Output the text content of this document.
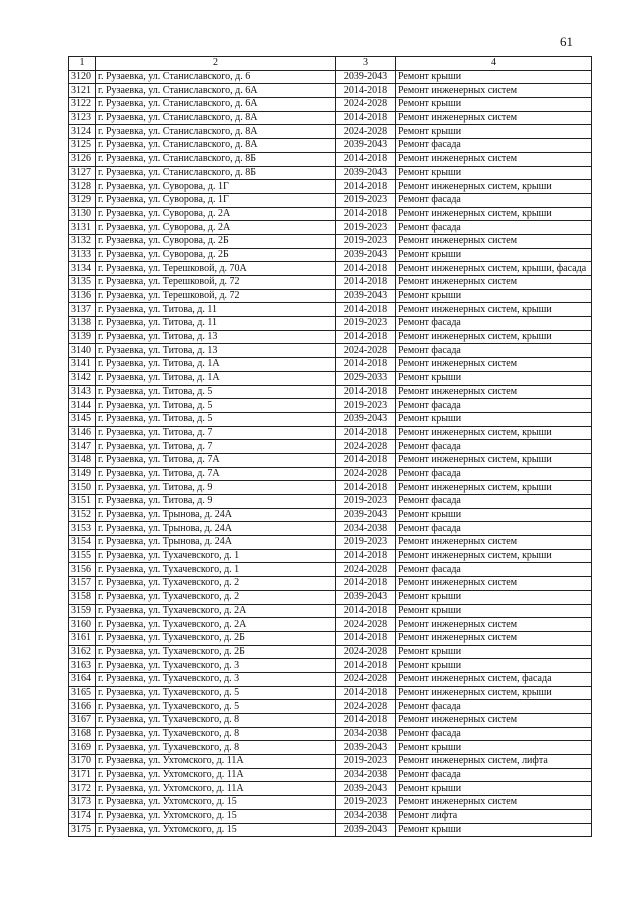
61
1	2	3	4
3120	г. Рузаевка, ул. Станиславского, д. 6	2039-2043	Ремонт крыши
3121	г. Рузаевка, ул. Станиславского, д. 6А	2014-2018	Ремонт инженерных систем
3122	г. Рузаевка, ул. Станиславского, д. 6А	2024-2028	Ремонт крыши
3123	г. Рузаевка, ул. Станиславского, д. 8А	2014-2018	Ремонт инженерных систем
3124	г. Рузаевка, ул. Станиславского, д. 8А	2024-2028	Ремонт крыши
3125	г. Рузаевка, ул. Станиславского, д. 8А	2039-2043	Ремонт фасада
3126	г. Рузаевка, ул. Станиславского, д. 8Б	2014-2018	Ремонт инженерных систем
3127	г. Рузаевка, ул. Станиславского, д. 8Б	2039-2043	Ремонт крыши
3128	г. Рузаевка, ул. Суворова, д. 1Г	2014-2018	Ремонт инженерных систем, крыши
3129	г. Рузаевка, ул. Суворова, д. 1Г	2019-2023	Ремонт фасада
3130	г. Рузаевка, ул. Суворова, д. 2А	2014-2018	Ремонт инженерных систем, крыши
3131	г. Рузаевка, ул. Суворова, д. 2А	2019-2023	Ремонт фасада
3132	г. Рузаевка, ул. Суворова, д. 2Б	2019-2023	Ремонт инженерных систем
3133	г. Рузаевка, ул. Суворова, д. 2Б	2039-2043	Ремонт крыши
3134	г. Рузаевка, ул. Терешковой, д. 70А	2014-2018	Ремонт инженерных систем, крыши, фасада
3135	г. Рузаевка, ул. Терешковой, д. 72	2014-2018	Ремонт инженерных систем
3136	г. Рузаевка, ул. Терешковой, д. 72	2039-2043	Ремонт крыши
3137	г. Рузаевка, ул. Титова, д. 11	2014-2018	Ремонт инженерных систем, крыши
3138	г. Рузаевка, ул. Титова, д. 11	2019-2023	Ремонт фасада
3139	г. Рузаевка, ул. Титова, д. 13	2014-2018	Ремонт инженерных систем, крыши
3140	г. Рузаевка, ул. Титова, д. 13	2024-2028	Ремонт фасада
3141	г. Рузаевка, ул. Титова, д. 1А	2014-2018	Ремонт инженерных систем
3142	г. Рузаевка, ул. Титова, д. 1А	2029-2033	Ремонт крыши
3143	г. Рузаевка, ул. Титова, д. 5	2014-2018	Ремонт инженерных систем
3144	г. Рузаевка, ул. Титова, д. 5	2019-2023	Ремонт фасада
3145	г. Рузаевка, ул. Титова, д. 5	2039-2043	Ремонт крыши
3146	г. Рузаевка, ул. Титова, д. 7	2014-2018	Ремонт инженерных систем, крыши
3147	г. Рузаевка, ул. Титова, д. 7	2024-2028	Ремонт фасада
3148	г. Рузаевка, ул. Титова, д. 7А	2014-2018	Ремонт инженерных систем, крыши
3149	г. Рузаевка, ул. Титова, д. 7А	2024-2028	Ремонт фасада
3150	г. Рузаевка, ул. Титова, д. 9	2014-2018	Ремонт инженерных систем, крыши
3151	г. Рузаевка, ул. Титова, д. 9	2019-2023	Ремонт фасада
3152	г. Рузаевка, ул. Трынова, д. 24А	2039-2043	Ремонт крыши
3153	г. Рузаевка, ул. Трынова, д. 24А	2034-2038	Ремонт фасада
3154	г. Рузаевка, ул. Трынова, д. 24А	2019-2023	Ремонт инженерных систем
3155	г. Рузаевка, ул. Тухачевского, д. 1	2014-2018	Ремонт инженерных систем, крыши
3156	г. Рузаевка, ул. Тухачевского, д. 1	2024-2028	Ремонт фасада
3157	г. Рузаевка, ул. Тухачевского, д. 2	2014-2018	Ремонт инженерных систем
3158	г. Рузаевка, ул. Тухачевского, д. 2	2039-2043	Ремонт крыши
3159	г. Рузаевка, ул. Тухачевского, д. 2А	2014-2018	Ремонт крыши
3160	г. Рузаевка, ул. Тухачевского, д. 2А	2024-2028	Ремонт инженерных систем
3161	г. Рузаевка, ул. Тухачевского, д. 2Б	2014-2018	Ремонт инженерных систем
3162	г. Рузаевка, ул. Тухачевского, д. 2Б	2024-2028	Ремонт крыши
3163	г. Рузаевка, ул. Тухачевского, д. 3	2014-2018	Ремонт крыши
3164	г. Рузаевка, ул. Тухачевского, д. 3	2024-2028	Ремонт инженерных систем, фасада
3165	г. Рузаевка, ул. Тухачевского, д. 5	2014-2018	Ремонт инженерных систем, крыши
3166	г. Рузаевка, ул. Тухачевского, д. 5	2024-2028	Ремонт фасада
3167	г. Рузаевка, ул. Тухачевского, д. 8	2014-2018	Ремонт инженерных систем
3168	г. Рузаевка, ул. Тухачевского, д. 8	2034-2038	Ремонт фасада
3169	г. Рузаевка, ул. Тухачевского, д. 8	2039-2043	Ремонт крыши
3170	г. Рузаевка, ул. Ухтомского, д. 11А	2019-2023	Ремонт инженерных систем, лифта
3171	г. Рузаевка, ул. Ухтомского, д. 11А	2034-2038	Ремонт фасада
3172	г. Рузаевка, ул. Ухтомского, д. 11А	2039-2043	Ремонт крыши
3173	г. Рузаевка, ул. Ухтомского, д. 15	2019-2023	Ремонт инженерных систем
3174	г. Рузаевка, ул. Ухтомского, д. 15	2034-2038	Ремонт лифта
3175	г. Рузаевка, ул. Ухтомского, д. 15	2039-2043	Ремонт крыши
